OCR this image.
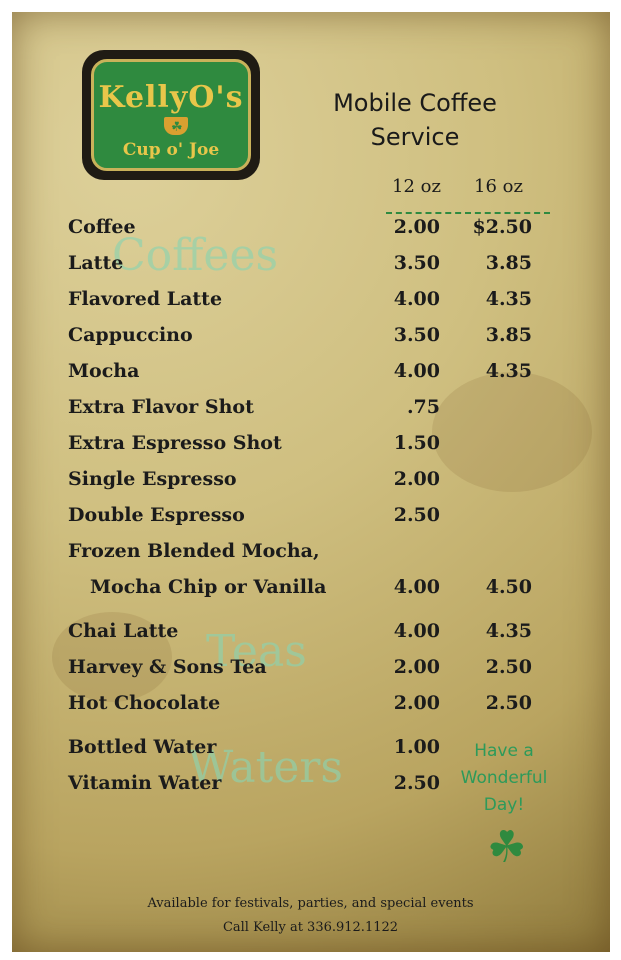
KellyO's
☘
Cup o' Joe
Mobile Coffee
Service
12 oz 16 oz
Coffees
Teas
Waters
Coffee	2.00 $2.50
Latte	3.50	3.85
Flavored Latte	4.00	4.35
Cappuccino	3.50	3.85
Mocha	4.00	4.35
Extra Flavor Shot	.75
Extra Espresso Shot	1.50
Single Espresso	2.00
Double Espresso	2.50
Frozen Blended Mocha,
Mocha Chip or Vanilla	4.00	4.50
Chai Latte	4.00	4.35
Harvey & Sons Tea	2.00	2.50
Hot Chocolate	2.00	2.50
Bottled Water	1.00
Vitamin Water	2.50
Have a
Wonderful
Day!
☘
Available for festivals, parties, and special events
Call Kelly at 336.912.1122
